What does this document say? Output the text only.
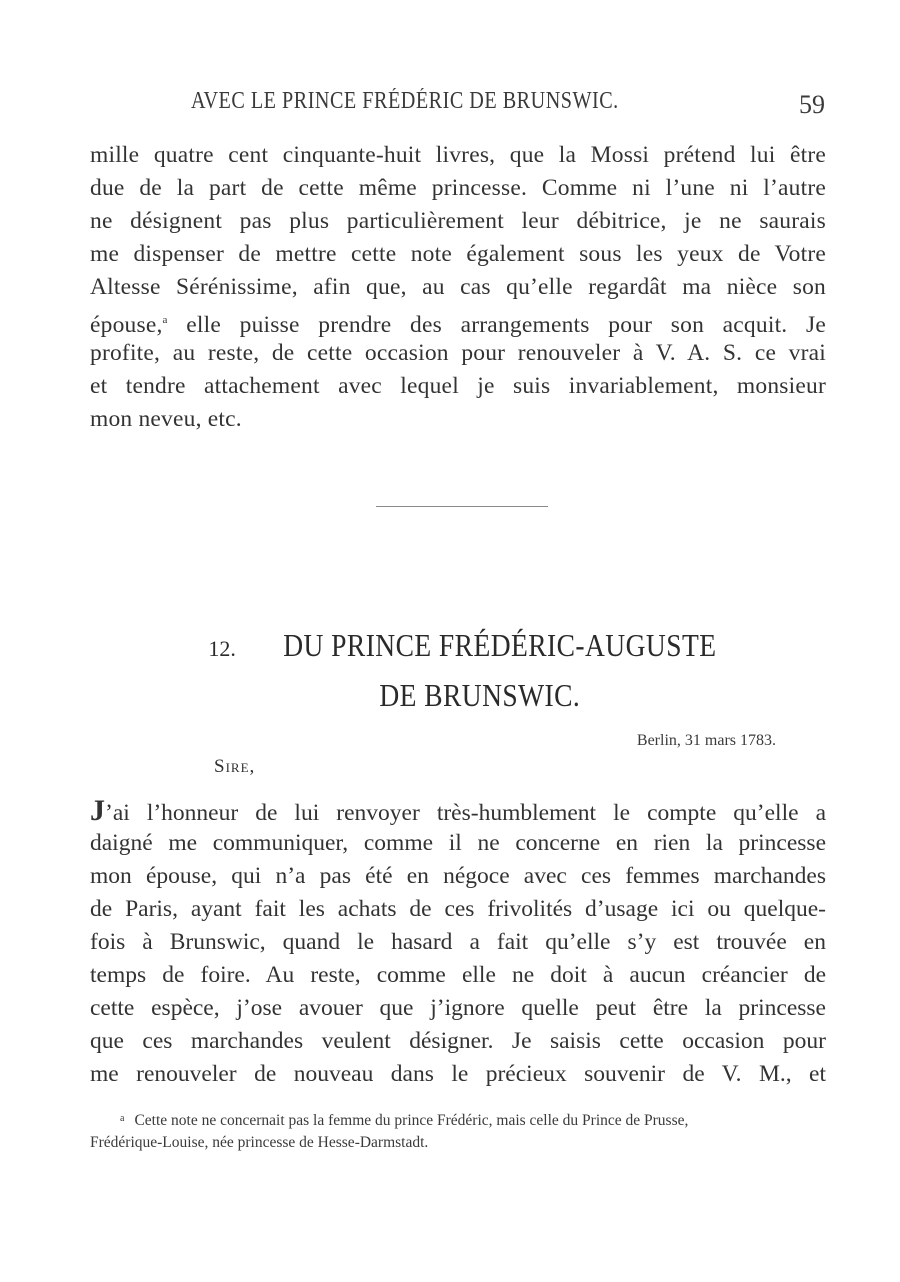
AVEC LE PRINCE FRÉDÉRIC DE BRUNSWIC.	59
mille quatre cent cinquante-huit livres, que la Mossi prétend lui être
due de la part de cette même princesse. Comme ni l’une ni l’autre
ne désignent pas plus particulièrement leur débitrice, je ne saurais
me dispenser de mettre cette note également sous les yeux de Votre
Altesse Sérénissime, afin que, au cas qu’elle regardât ma nièce son
épouse,$^a$ elle puisse prendre des arrangements pour son acquit. Je
profite, au reste, de cette occasion pour renouveler à V. A. S. ce vrai
et tendre attachement avec lequel je suis invariablement, monsieur
mon neveu, etc.
12. DU PRINCE FRÉDÉRIC-AUGUSTE
DE BRUNSWIC.
Berlin, 31 mars 1783.
Sire,
J’ai l’honneur de lui renvoyer très-humblement le compte qu’elle a
daigné me communiquer, comme il ne concerne en rien la princesse
mon épouse, qui n’a pas été en négoce avec ces femmes marchandes
de Paris, ayant fait les achats de ces frivolités d’usage ici ou quelque-
fois à Brunswic, quand le hasard a fait qu’elle s’y est trouvée en
temps de foire. Au reste, comme elle ne doit à aucun créancier de
cette espèce, j’ose avouer que j’ignore quelle peut être la princesse
que ces marchandes veulent désigner. Je saisis cette occasion pour
me renouveler de nouveau dans le précieux souvenir de V. M., et
$^a$ Cette note ne concernait pas la femme du prince Frédéric, mais celle du Prince de Prusse,
Frédérique-Louise, née princesse de Hesse-Darmstadt.
